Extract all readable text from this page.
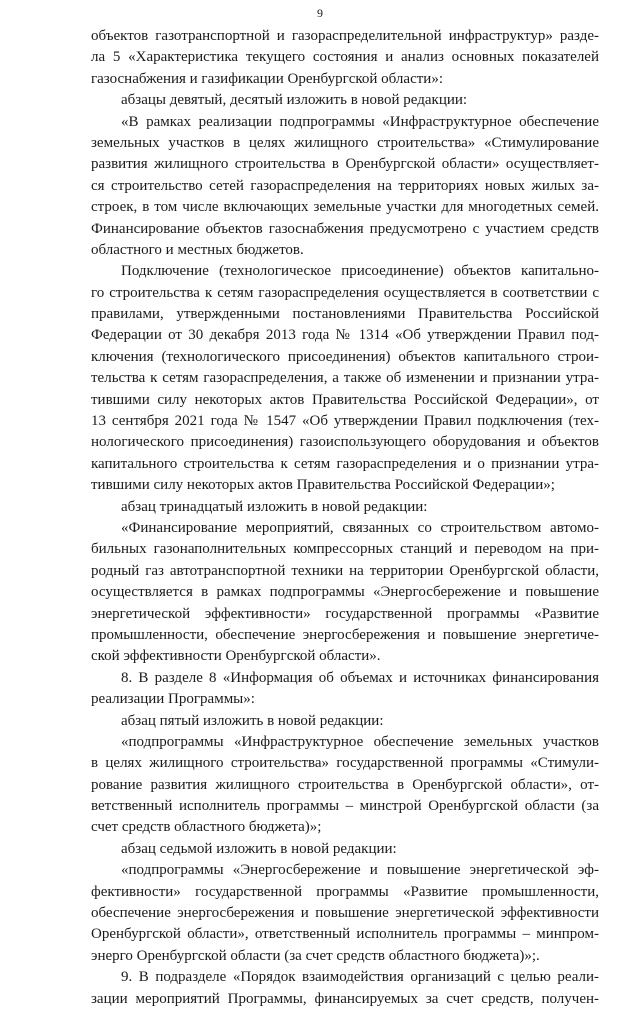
9
объектов газотранспортной и газораспределительной инфраструктур» разде-
ла 5 «Характеристика текущего состояния и анализ основных показателей
газоснабжения и газификации Оренбургской области»:
абзацы девятый, десятый изложить в новой редакции:
«В рамках реализации подпрограммы «Инфраструктурное обеспечение
земельных участков в целях жилищного строительства» «Стимулирование
развития жилищного строительства в Оренбургской области» осуществляет-
ся строительство сетей газораспределения на территориях новых жилых за-
строек, в том числе включающих земельные участки для многодетных семей.
Финансирование объектов газоснабжения предусмотрено с участием средств
областного и местных бюджетов.
Подключение (технологическое присоединение) объектов капитально-
го строительства к сетям газораспределения осуществляется в соответствии с
правилами, утвержденными постановлениями Правительства Российской
Федерации от 30 декабря 2013 года № 1314 «Об утверждении Правил под-
ключения (технологического присоединения) объектов капитального строи-
тельства к сетям газораспределения, а также об изменении и признании утра-
тившими силу некоторых актов Правительства Российской Федерации», от
13 сентября 2021 года № 1547 «Об утверждении Правил подключения (тех-
нологического присоединения) газоиспользующего оборудования и объектов
капитального строительства к сетям газораспределения и о признании утра-
тившими силу некоторых актов Правительства Российской Федерации»;
абзац тринадцатый изложить в новой редакции:
«Финансирование мероприятий, связанных со строительством автомо-
бильных газонаполнительных компрессорных станций и переводом на при-
родный газ автотранспортной техники на территории Оренбургской области,
осуществляется в рамках подпрограммы «Энергосбережение и повышение
энергетической эффективности» государственной программы «Развитие
промышленности, обеспечение энергосбережения и повышение энергетиче-
ской эффективности Оренбургской области».
8. В разделе 8 «Информация об объемах и источниках финансирования
реализации Программы»:
абзац пятый изложить в новой редакции:
«подпрограммы «Инфраструктурное обеспечение земельных участков
в целях жилищного строительства» государственной программы «Стимули-
рование развития жилищного строительства в Оренбургской области», от-
ветственный исполнитель программы – минстрой Оренбургской области (за
счет средств областного бюджета)»;
абзац седьмой изложить в новой редакции:
«подпрограммы «Энергосбережение и повышение энергетической эф-
фективности» государственной программы «Развитие промышленности,
обеспечение энергосбережения и повышение энергетической эффективности
Оренбургской области», ответственный исполнитель программы – минпром-
энерго Оренбургской области (за счет средств областного бюджета)»;.
9. В подразделе «Порядок взаимодействия организаций с целью реали-
зации мероприятий Программы, финансируемых за счет средств, получен-
